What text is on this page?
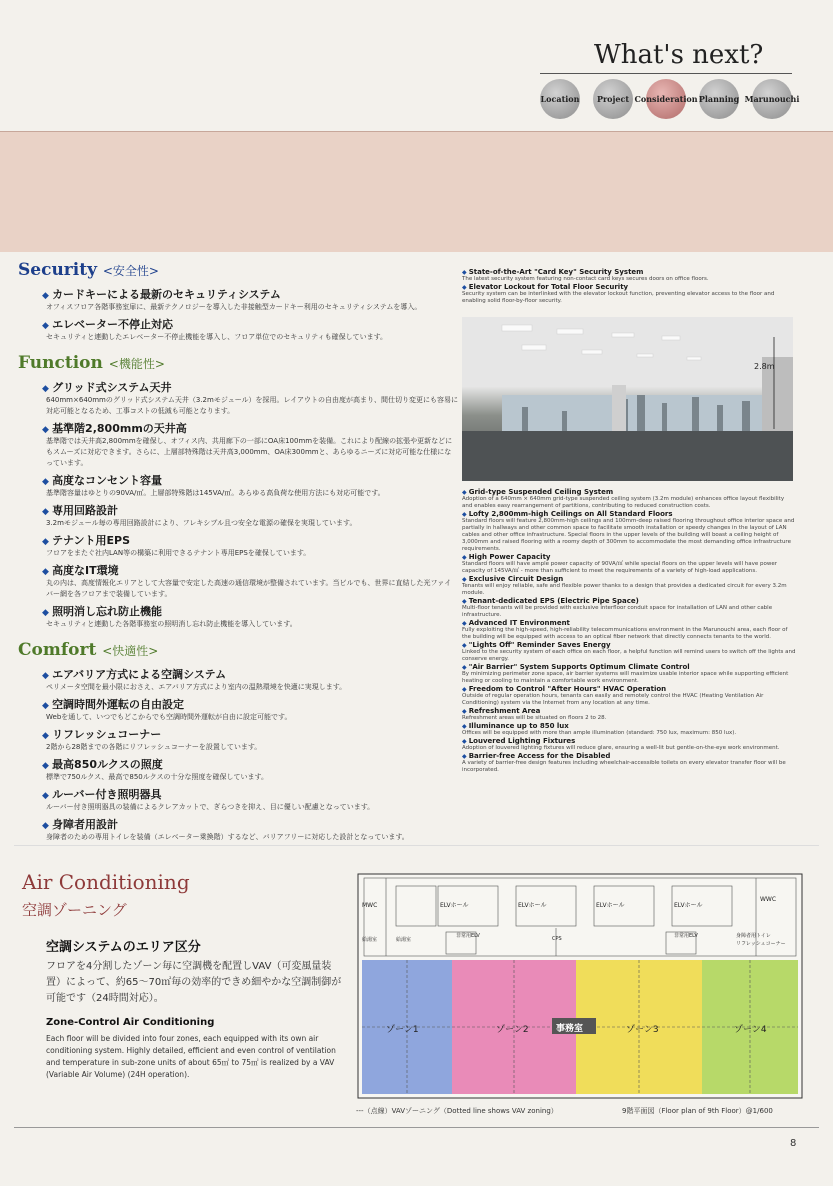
What's next?
Location Project Consideration Planning Marunouchi
Security <安全性>
◆ カードキーによる最新のセキュリティシステム
オフィスフロア各階事務室扉に、最新テクノロジーを導入した非接触型カードキー利用のセキュリティシステムを導入。
◆ エレベーター不停止対応
セキュリティと連動したエレベーター不停止機能を導入し、フロア単位でのセキュリティも確保しています。
Function <機能性>
◆ グリッド式システム天井
640mm×640mmのグリッド式システム天井（3.2mモジュール）を採用。レイアウトの自由度が高まり、間仕切り変更にも容易に対応可能となるため、工事コストの低減も可能となります。
◆ 基準階2,800mmの天井高
基準階では天井高2,800mmを確保し、オフィス内、共用廊下の一部にOA床100mmを装備。これにより配線の拡張や更新などにもスムーズに対応できます。さらに、上層部特殊階は天井高3,000mm、OA床300mmと、あらゆるニーズに対応可能な仕様になっています。
◆ 高度なコンセント容量
基準階容量はゆとりの90VA/㎡。上層部特殊階は145VA/㎡。あらゆる高負荷な使用方法にも対応可能です。
◆ 専用回路設計
3.2mモジュール毎の専用回路設計により、フレキシブル且つ安全な電源の確保を実現しています。
◆ テナント用EPS
フロアをまたぐ社内LAN等の構築に利用できるテナント専用EPSを確保しています。
◆ 高度なIT環境
丸の内は、高度情報化エリアとして大容量で安定した高速の通信環境が整備されています。当ビルでも、世界に直結した光ファイバー網を各フロアまで装備しています。
◆ 照明消し忘れ防止機能
セキュリティと連動した各階事務室の照明消し忘れ防止機能を導入しています。
Comfort <快適性>
◆ エアバリア方式による空調システム
ペリメータ空間を最小限におさえ、エアバリア方式により室内の温熱環境を快適に実現します。
◆ 空調時間外運転の自由設定
Webを通して、いつでもどこからでも空調時間外運転が自由に設定可能です。
◆ リフレッシュコーナー
2階から28階までの各階にリフレッシュコーナーを設置しています。
◆ 最高850ルクスの照度
標準で750ルクス、最高で850ルクスの十分な照度を確保しています。
◆ ルーバー付き照明器具
ルーバー付き照明器具の装備によるクレアカットで、ぎらつきを抑え、目に優しい配慮となっています。
◆ 身障者用設計
身障者のための専用トイレを装備（エレベーター乗換階）するなど、バリアフリーに対応した設計となっています。
◆ State-of-the-Art "Card Key" Security System
The latest security system featuring non-contact card keys secures doors on office floors.
◆ Elevator Lockout for Total Floor Security
Security system can be interlinked with the elevator lockout function, preventing elevator access to the floor and enabling solid floor-by-floor security.
2.8m
◆ Grid-type Suspended Ceiling System
Adoption of a 640mm × 640mm grid-type suspended ceiling system (3.2m module) enhances office layout flexibility and enables easy rearrangement of partitions, contributing to reduced construction costs.
◆ Lofty 2,800mm-high Ceilings on All Standard Floors
Standard floors will feature 2,800mm-high ceilings and 100mm-deep raised flooring throughout office interior space and partially in hallways and other common space to facilitate smooth installation or speedy changes in the layout of LAN cables and other office infrastructure. Special floors in the upper levels of the building will boast a ceiling height of 3,000mm and raised flooring with a roomy depth of 300mm to accommodate the most demanding office infrastructure requirements.
◆ High Power Capacity
Standard floors will have ample power capacity of 90VA/㎡ while special floors on the upper levels will have power capacity of 145VA/㎡ - more than sufficient to meet the requirements of a variety of high-load applications.
◆ Exclusive Circuit Design
Tenants will enjoy reliable, safe and flexible power thanks to a design that provides a dedicated circuit for every 3.2m module.
◆ Tenant-dedicated EPS (Electric Pipe Space)
Multi-floor tenants will be provided with exclusive interfloor conduit space for installation of LAN and other cable infrastructure.
◆ Advanced IT Environment
Fully exploiting the high-speed, high-reliability telecommunications environment in the Marunouchi area, each floor of the building will be equipped with access to an optical fiber network that directly connects tenants to the world.
◆ "Lights Off" Reminder Saves Energy
Linked to the security system of each office on each floor, a helpful function will remind users to switch off the lights and conserve energy.
◆ "Air Barrier" System Supports Optimum Climate Control
By minimizing perimeter zone space, air barrier systems will maximize usable interior space while supporting efficient heating or cooling to maintain a comfortable work environment.
◆ Freedom to Control "After Hours" HVAC Operation
Outside of regular operation hours, tenants can easily and remotely control the HVAC (Heating Ventilation Air Conditioning) system via the Internet from any location at any time.
◆ Refreshment Area
Refreshment areas will be situated on floors 2 to 28.
◆ Illuminance up to 850 lux
Offices will be equipped with more than ample illumination (standard: 750 lux, maximum: 850 lux).
◆ Louvered Lighting Fixtures
Adoption of louvered lighting fixtures will reduce glare, ensuring a well-lit but gentle-on-the-eye work environment.
◆ Barrier-free Access for the Disabled
A variety of barrier-free design features including wheelchair-accessible toilets on every elevator transfer floor will be incorporated.
Air Conditioning
空調ゾーニング
空調システムのエリア区分
フロアを4分割したゾーン毎に空調機を配置しVAV（可変風量装置）によって、約65〜70㎡毎の効率的できめ細やかな空調制御が可能です（24時間対応）。
Zone-Control Air Conditioning
Each floor will be divided into four zones, each equipped with its own air conditioning system. Highly detailed, efficient and even control of ventilation and temperature in sub-zone units of about 65㎡ to 75㎡ is realized by a VAV (Variable Air Volume) (24H operation).
ゾーン1	ゾーン2	ゾーン3	ゾーン4
事務室
MWC	ELVホール	ELVホール	ELVホール	ELVホール
WWC
給湯室	給湯室
非常用ELV	CPS	非常用ELV	身障者用トイレ
リフレッシュコーナー
---（点線）VAVゾーニング（Dotted line shows VAV zoning）	9階平面図（Floor plan of 9th Floor）@1/600
8
